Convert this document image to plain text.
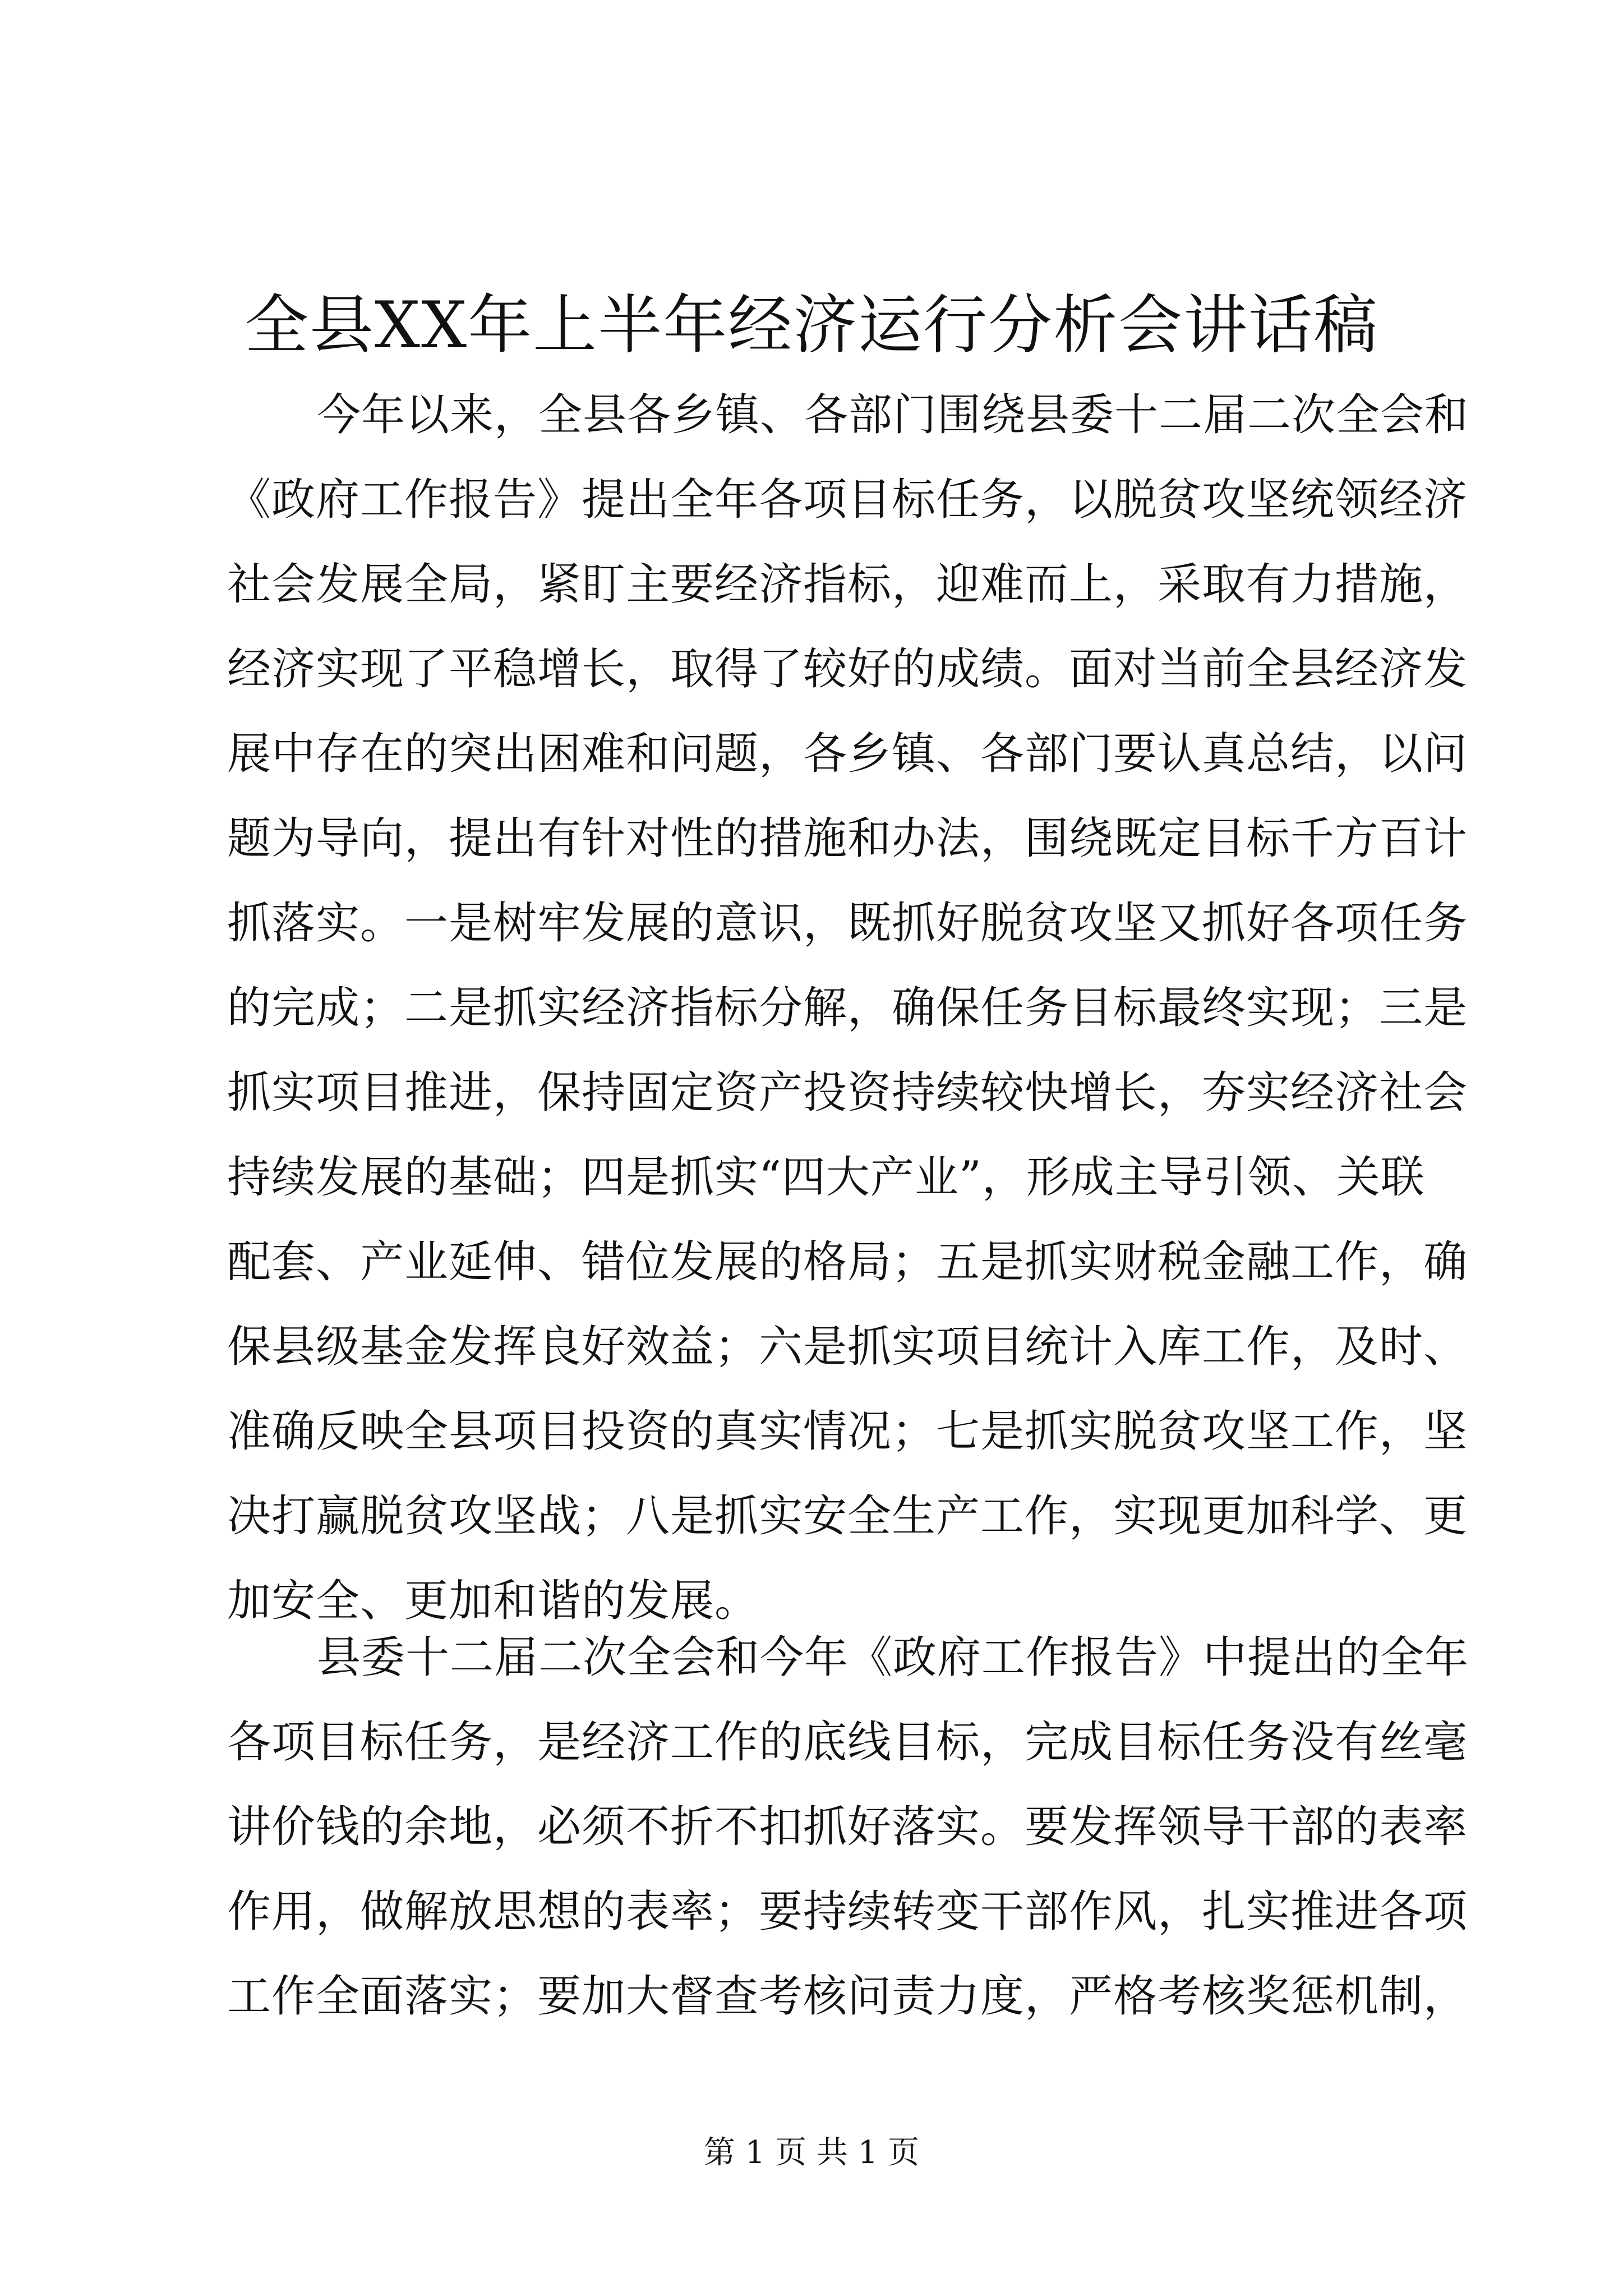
全县XX年上半年经济运行分析会讲话稿
今年以来，全县各乡镇、各部门围绕县委十二届二次全会和
《政府工作报告》提出全年各项目标任务，以脱贫攻坚统领经济
社会发展全局，紧盯主要经济指标，迎难而上，采取有力措施，
经济实现了平稳增长，取得了较好的成绩。面对当前全县经济发
展中存在的突出困难和问题，各乡镇、各部门要认真总结，以问
题为导向，提出有针对性的措施和办法，围绕既定目标千方百计
抓落实。一是树牢发展的意识，既抓好脱贫攻坚又抓好各项任务
的完成；二是抓实经济指标分解，确保任务目标最终实现；三是
抓实项目推进，保持固定资产投资持续较快增长，夯实经济社会
持续发展的基础；四是抓实“四大产业”，形成主导引领、关联
配套、产业延伸、错位发展的格局；五是抓实财税金融工作，确
保县级基金发挥良好效益；六是抓实项目统计入库工作，及时、
准确反映全县项目投资的真实情况；七是抓实脱贫攻坚工作，坚
决打赢脱贫攻坚战；八是抓实安全生产工作，实现更加科学、更
加安全、更加和谐的发展。
县委十二届二次全会和今年《政府工作报告》中提出的全年
各项目标任务，是经济工作的底线目标，完成目标任务没有丝毫
讲价钱的余地，必须不折不扣抓好落实。要发挥领导干部的表率
作用，做解放思想的表率；要持续转变干部作风，扎实推进各项
工作全面落实；要加大督查考核问责力度，严格考核奖惩机制，
第 1 页 共 1 页
